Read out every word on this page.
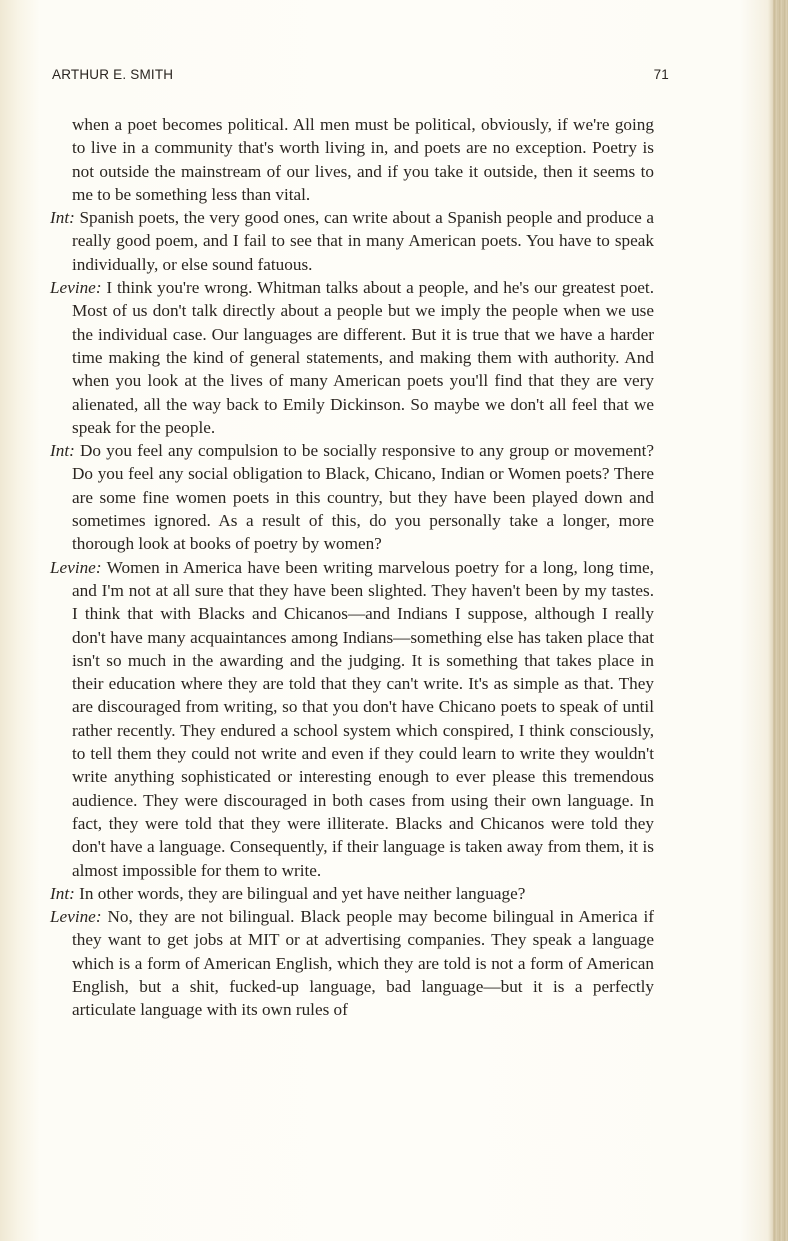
ARTHUR E. SMITH	71

when a poet becomes political. All men must be political, obviously, if we're going to live in a community that's worth living in, and poets are no exception. Poetry is not outside the mainstream of our lives, and if you take it outside, then it seems to me to be something less than vital.

Int: Spanish poets, the very good ones, can write about a Spanish people and produce a really good poem, and I fail to see that in many American poets. You have to speak individually, or else sound fatuous.

Levine: I think you're wrong. Whitman talks about a people, and he's our greatest poet. Most of us don't talk directly about a people but we imply the people when we use the individual case. Our languages are different. But it is true that we have a harder time making the kind of general statements, and making them with authority. And when you look at the lives of many American poets you'll find that they are very alienated, all the way back to Emily Dickinson. So maybe we don't all feel that we speak for the people.

Int: Do you feel any compulsion to be socially responsive to any group or movement? Do you feel any social obligation to Black, Chicano, Indian or Women poets? There are some fine women poets in this country, but they have been played down and sometimes ignored. As a result of this, do you personally take a longer, more thorough look at books of poetry by women?

Levine: Women in America have been writing marvelous poetry for a long, long time, and I'm not at all sure that they have been slighted. They haven't been by my tastes. I think that with Blacks and Chicanos—and Indians I suppose, although I really don't have many acquaintances among Indians—something else has taken place that isn't so much in the awarding and the judging. It is something that takes place in their education where they are told that they can't write. It's as simple as that. They are discouraged from writing, so that you don't have Chicano poets to speak of until rather recently. They endured a school system which conspired, I think consciously, to tell them they could not write and even if they could learn to write they wouldn't write anything sophisticated or interesting enough to ever please this tremendous audience. They were discouraged in both cases from using their own language. In fact, they were told that they were illiterate. Blacks and Chicanos were told they don't have a language. Consequently, if their language is taken away from them, it is almost impossible for them to write.

Int: In other words, they are bilingual and yet have neither language?

Levine: No, they are not bilingual. Black people may become bilingual in America if they want to get jobs at MIT or at advertising companies. They speak a language which is a form of American English, which they are told is not a form of American English, but a shit, fucked-up language, bad language—but it is a perfectly articulate language with its own rules of
